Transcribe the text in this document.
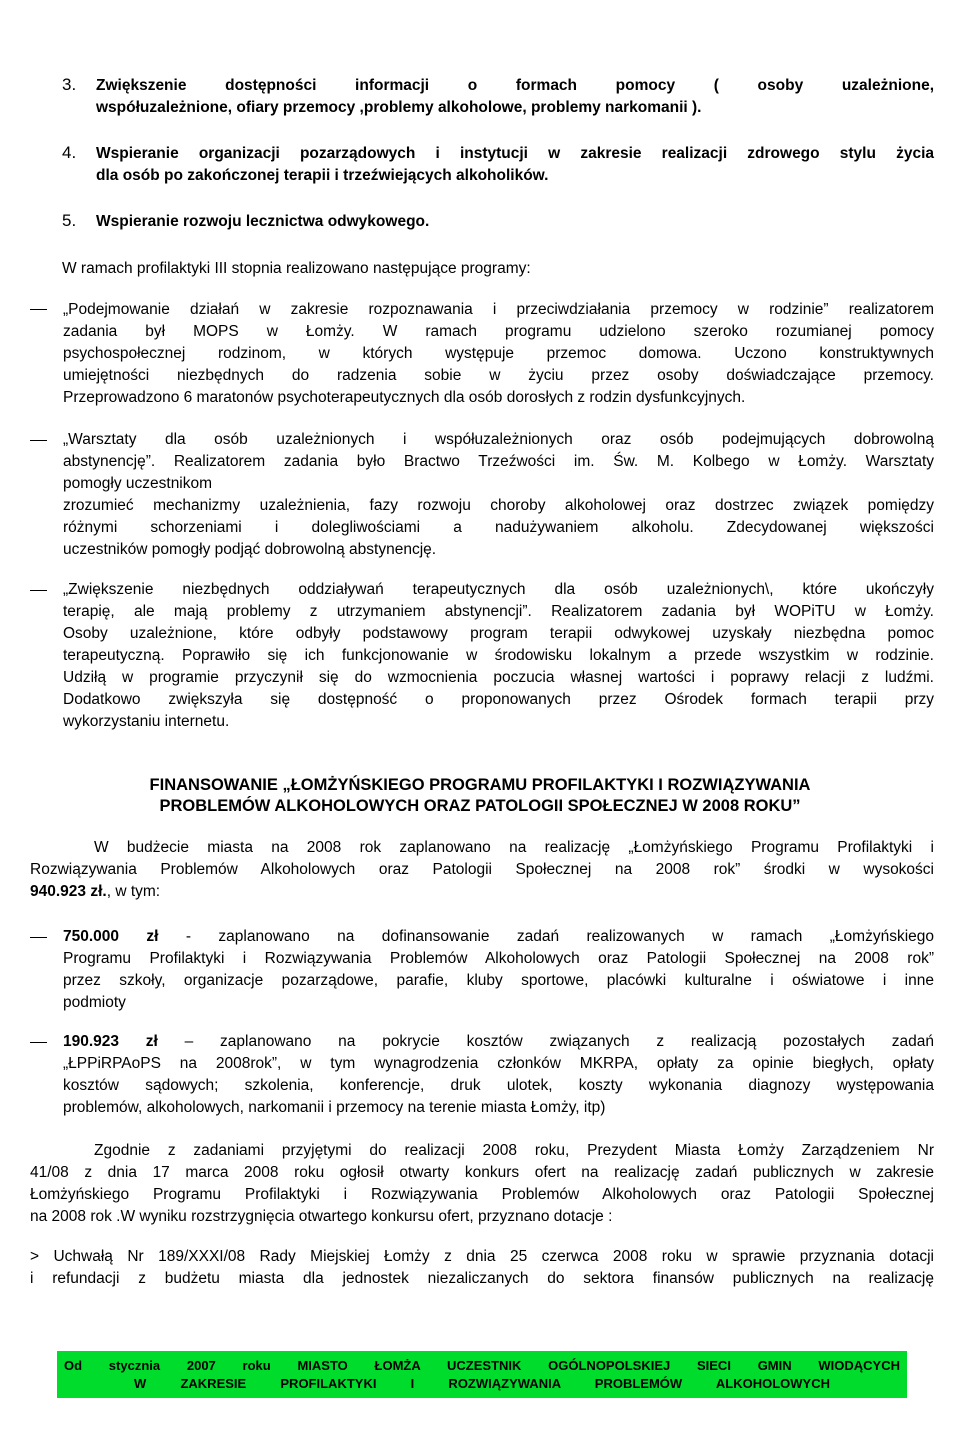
3. Zwiększenie dostępności informacji o formach pomocy ( osoby uzależnione,
współuzależnione, ofiary przemocy ,problemy alkoholowe, problemy narkomanii ).
4. Wspieranie organizacji pozarządowych i instytucji w zakresie realizacji zdrowego stylu życia
dla osób po zakończonej terapii i trzeźwiejących alkoholików.
5. Wspieranie rozwoju lecznictwa odwykowego.
W ramach profilaktyki III stopnia realizowano następujące programy:
„Podejmowanie działań w zakresie rozpoznawania i przeciwdziałania przemocy w rodzinie” realizatorem
zadania był MOPS w Łomży. W ramach programu udzielono szeroko rozumianej pomocy
psychospołecznej rodzinom, w których występuje przemoc domowa. Uczono konstruktywnych
umiejętności niezbędnych do radzenia sobie w życiu przez osoby doświadczające przemocy.
Przeprowadzono 6 maratonów psychoterapeutycznych dla osób dorosłych z rodzin dysfunkcyjnych.
„Warsztaty dla osób uzależnionych i współuzależnionych oraz osób podejmujących dobrowolną
abstynencję”. Realizatorem zadania było Bractwo Trzeźwości im. Św. M. Kolbego w Łomży. Warsztaty
pomogły uczestnikom
zrozumieć mechanizmy uzależnienia, fazy rozwoju choroby alkoholowej oraz dostrzec związek pomiędzy
różnymi schorzeniami i dolegliwościami a nadużywaniem alkoholu. Zdecydowanej większości
uczestników pomogły podjąć dobrowolną abstynencję.
„Zwiększenie niezbędnych oddziaływań terapeutycznych dla osób uzależnionych\, które ukończyły
terapię, ale mają problemy z utrzymaniem abstynencji”. Realizatorem zadania był WOPiTU w Łomży.
Osoby uzależnione, które odbyły podstawowy program terapii odwykowej uzyskały niezbędna pomoc
terapeutyczną. Poprawiło się ich funkcjonowanie w środowisku lokalnym a przede wszystkim w rodzinie.
Udziłą w programie przyczynił się do wzmocnienia poczucia własnej wartości i poprawy relacji z ludźmi.
Dodatkowo zwiększyła się dostępność o proponowanych przez Ośrodek formach terapii przy
wykorzystaniu internetu.
FINANSOWANIE „ŁOMŻYŃSKIEGO PROGRAMU PROFILAKTYKI I ROZWIĄZYWANIA
PROBLEMÓW ALKOHOLOWYCH ORAZ PATOLOGII SPOŁECZNEJ W 2008 ROKU”
W budżecie miasta na 2008 rok zaplanowano na realizację „Łomżyńskiego Programu Profilaktyki i
Rozwiązywania Problemów Alkoholowych oraz Patologii Społecznej na 2008 rok” środki w wysokości
940.923 zł., w tym:
750.000 zł - zaplanowano na dofinansowanie zadań realizowanych w ramach „Łomżyńskiego
Programu Profilaktyki i Rozwiązywania Problemów Alkoholowych oraz Patologii Społecznej na 2008 rok”
przez szkoły, organizacje pozarządowe, parafie, kluby sportowe, placówki kulturalne i oświatowe i inne
podmioty
190.923 zł – zaplanowano na pokrycie kosztów związanych z realizacją pozostałych zadań
„ŁPPiRPAoPS na 2008rok”, w tym wynagrodzenia członków MKRPA, opłaty za opinie biegłych, opłaty
kosztów sądowych; szkolenia, konferencje, druk ulotek, koszty wykonania diagnozy występowania
problemów, alkoholowych, narkomanii i przemocy na terenie miasta Łomży, itp)
Zgodnie z zadaniami przyjętymi do realizacji 2008 roku, Prezydent Miasta Łomży Zarządzeniem Nr
41/08 z dnia 17 marca 2008 roku ogłosił otwarty konkurs ofert na realizację zadań publicznych w zakresie
Łomżyńskiego Programu Profilaktyki i Rozwiązywania Problemów Alkoholowych oraz Patologii Społecznej
na 2008 rok .W wyniku rozstrzygnięcia otwartego konkursu ofert, przyznano dotacje :
> Uchwałą Nr 189/XXXI/08 Rady Miejskiej Łomży z dnia 25 czerwca 2008 roku w sprawie przyznania dotacji
i refundacji z budżetu miasta dla jednostek niezaliczanych do sektora finansów publicznych na realizację
Od stycznia 2007 roku MIASTO ŁOMŻA UCZESTNIK OGÓLNOPOLSKIEJ SIECI GMIN WIODĄCYCH
W ZAKRESIE PROFILAKTYKI I ROZWIĄZYWANIA PROBLEMÓW ALKOHOLOWYCH
